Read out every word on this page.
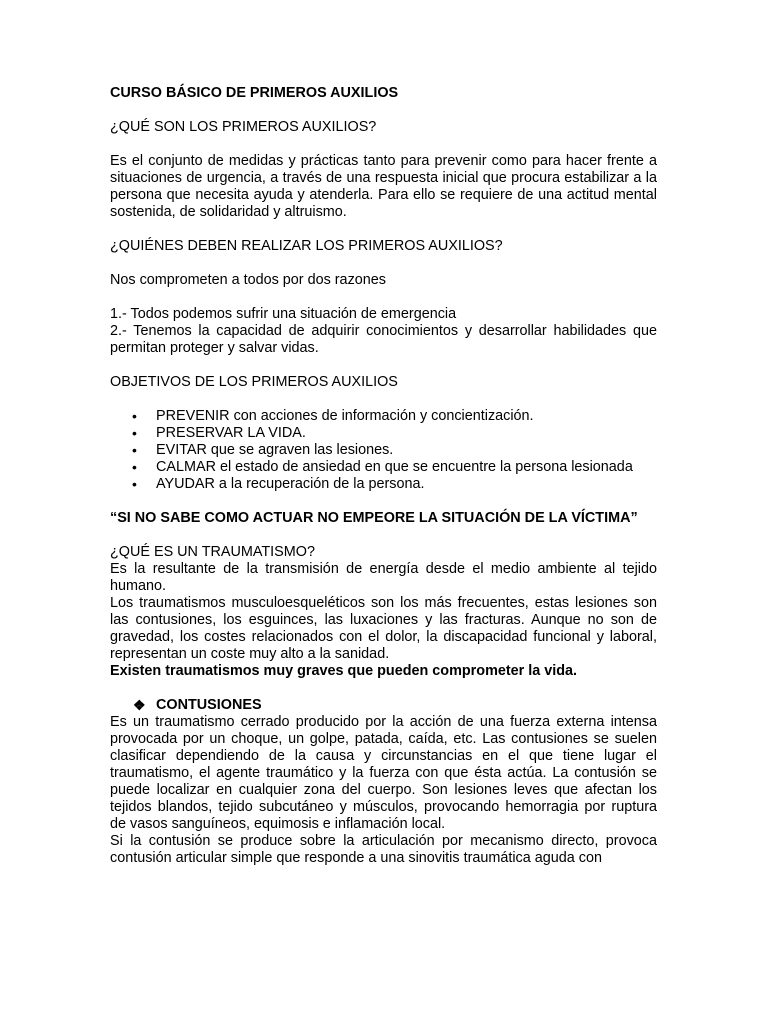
CURSO BÁSICO DE PRIMEROS AUXILIOS

¿QUÉ SON LOS PRIMEROS AUXILIOS?

Es el conjunto de medidas y prácticas tanto para prevenir como para hacer frente a situaciones de urgencia, a través de una respuesta inicial que procura estabilizar a la persona que necesita ayuda y atenderla. Para ello se requiere de una actitud mental sostenida, de solidaridad y altruismo.

¿QUIÉNES DEBEN REALIZAR LOS PRIMEROS AUXILIOS?

Nos comprometen a todos por dos razones

1.- Todos podemos sufrir una situación de emergencia

2.- Tenemos la capacidad de adquirir conocimientos y desarrollar habilidades que permitan proteger y salvar vidas.

OBJETIVOS DE LOS PRIMEROS AUXILIOS

• PREVENIR con acciones de información y concientización.
• PRESERVAR LA VIDA.
• EVITAR que se agraven las lesiones.
• CALMAR el estado de ansiedad en que se encuentre la persona lesionada
• AYUDAR a la recuperación de la persona.

“SI NO SABE COMO ACTUAR NO EMPEORE LA SITUACIÓN DE LA VÍCTIMA”

¿QUÉ ES UN TRAUMATISMO?

Es la resultante de la transmisión de energía desde el medio ambiente al tejido humano.

Los traumatismos musculoesqueléticos son los más frecuentes, estas lesiones son las contusiones, los esguinces, las luxaciones y las fracturas. Aunque no son de gravedad, los costes relacionados con el dolor, la discapacidad funcional y laboral, representan un coste muy alto a la sanidad.

Existen traumatismos muy graves que pueden comprometer la vida.

❖ CONTUSIONES

Es un traumatismo cerrado producido por la acción de una fuerza externa intensa provocada por un choque, un golpe, patada, caída, etc. Las contusiones se suelen clasificar dependiendo de la causa y circunstancias en el que tiene lugar el traumatismo, el agente traumático y la fuerza con que ésta actúa. La contusión se puede localizar en cualquier zona del cuerpo. Son lesiones leves que afectan los tejidos blandos, tejido subcutáneo y músculos, provocando hemorragia por ruptura de vasos sanguíneos, equimosis e inflamación local.

Si la contusión se produce sobre la articulación por mecanismo directo, provoca contusión articular simple que responde a una sinovitis traumática aguda con
